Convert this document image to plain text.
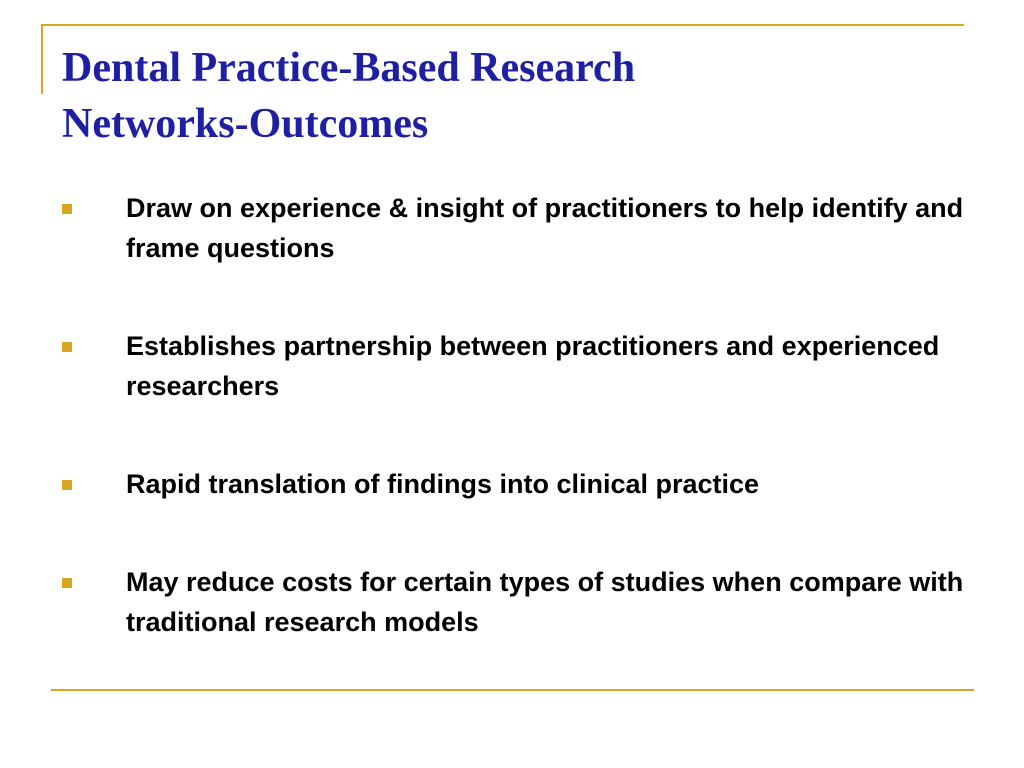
Dental Practice-Based Research
Networks-Outcomes
Draw on experience & insight of practitioners to help identify and frame questions
Establishes partnership between practitioners and experienced researchers
Rapid translation of findings into clinical practice
May reduce costs for certain types of studies when compare with traditional research models
